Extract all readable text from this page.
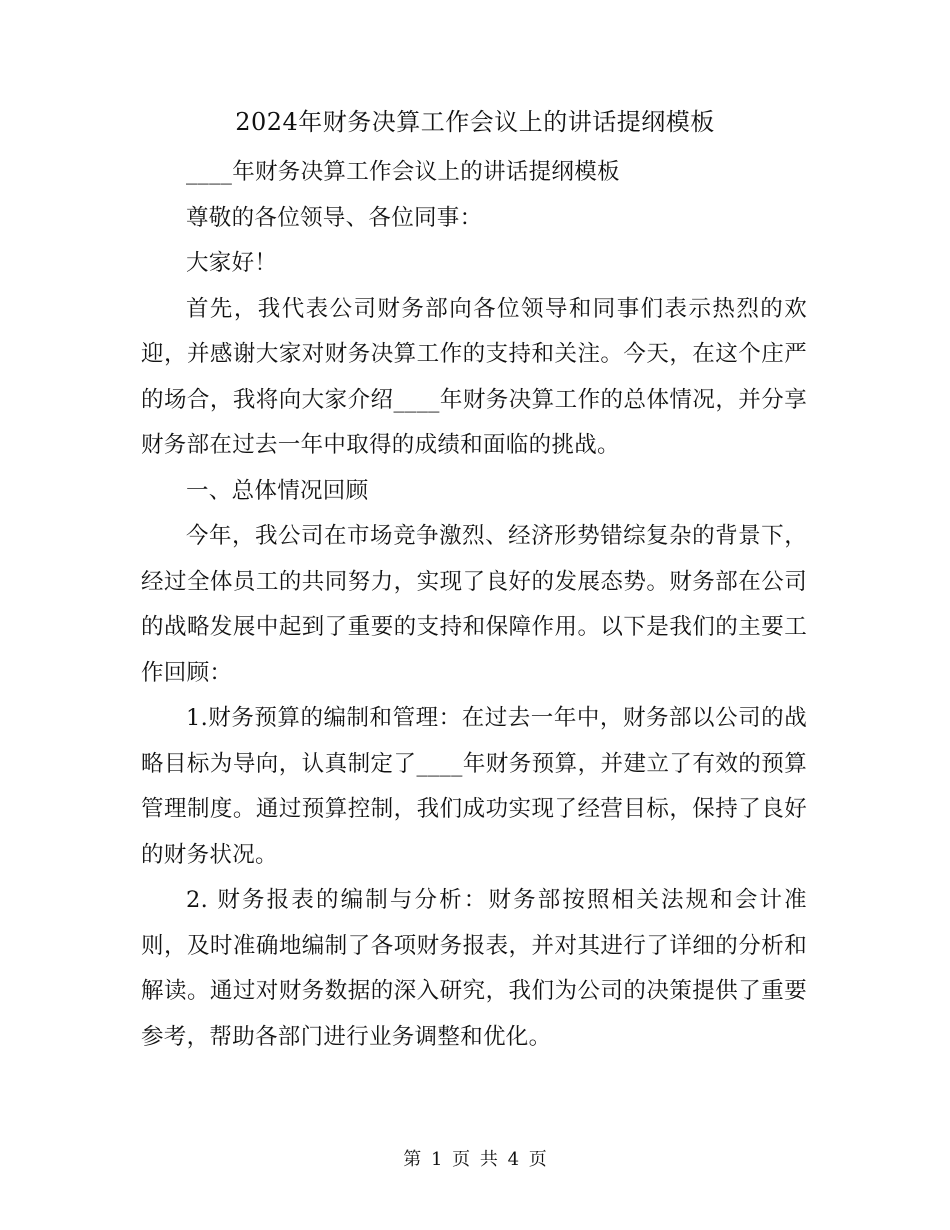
2024年财务决算工作会议上的讲话提纲模板

____年财务决算工作会议上的讲话提纲模板

尊敬的各位领导、各位同事：

大家好！

首先，我代表公司财务部向各位领导和同事们表示热烈的欢迎，并感谢大家对财务决算工作的支持和关注。今天，在这个庄严的场合，我将向大家介绍____年财务决算工作的总体情况，并分享财务部在过去一年中取得的成绩和面临的挑战。

一、总体情况回顾

今年，我公司在市场竞争激烈、经济形势错综复杂的背景下，经过全体员工的共同努力，实现了良好的发展态势。财务部在公司的战略发展中起到了重要的支持和保障作用。以下是我们的主要工作回顾：

1.财务预算的编制和管理：在过去一年中，财务部以公司的战略目标为导向，认真制定了____年财务预算，并建立了有效的预算管理制度。通过预算控制，我们成功实现了经营目标，保持了良好的财务状况。

2. 财务报表的编制与分析：财务部按照相关法规和会计准则，及时准确地编制了各项财务报表，并对其进行了详细的分析和解读。通过对财务数据的深入研究，我们为公司的决策提供了重要参考，帮助各部门进行业务调整和优化。

第 1 页 共 4 页
